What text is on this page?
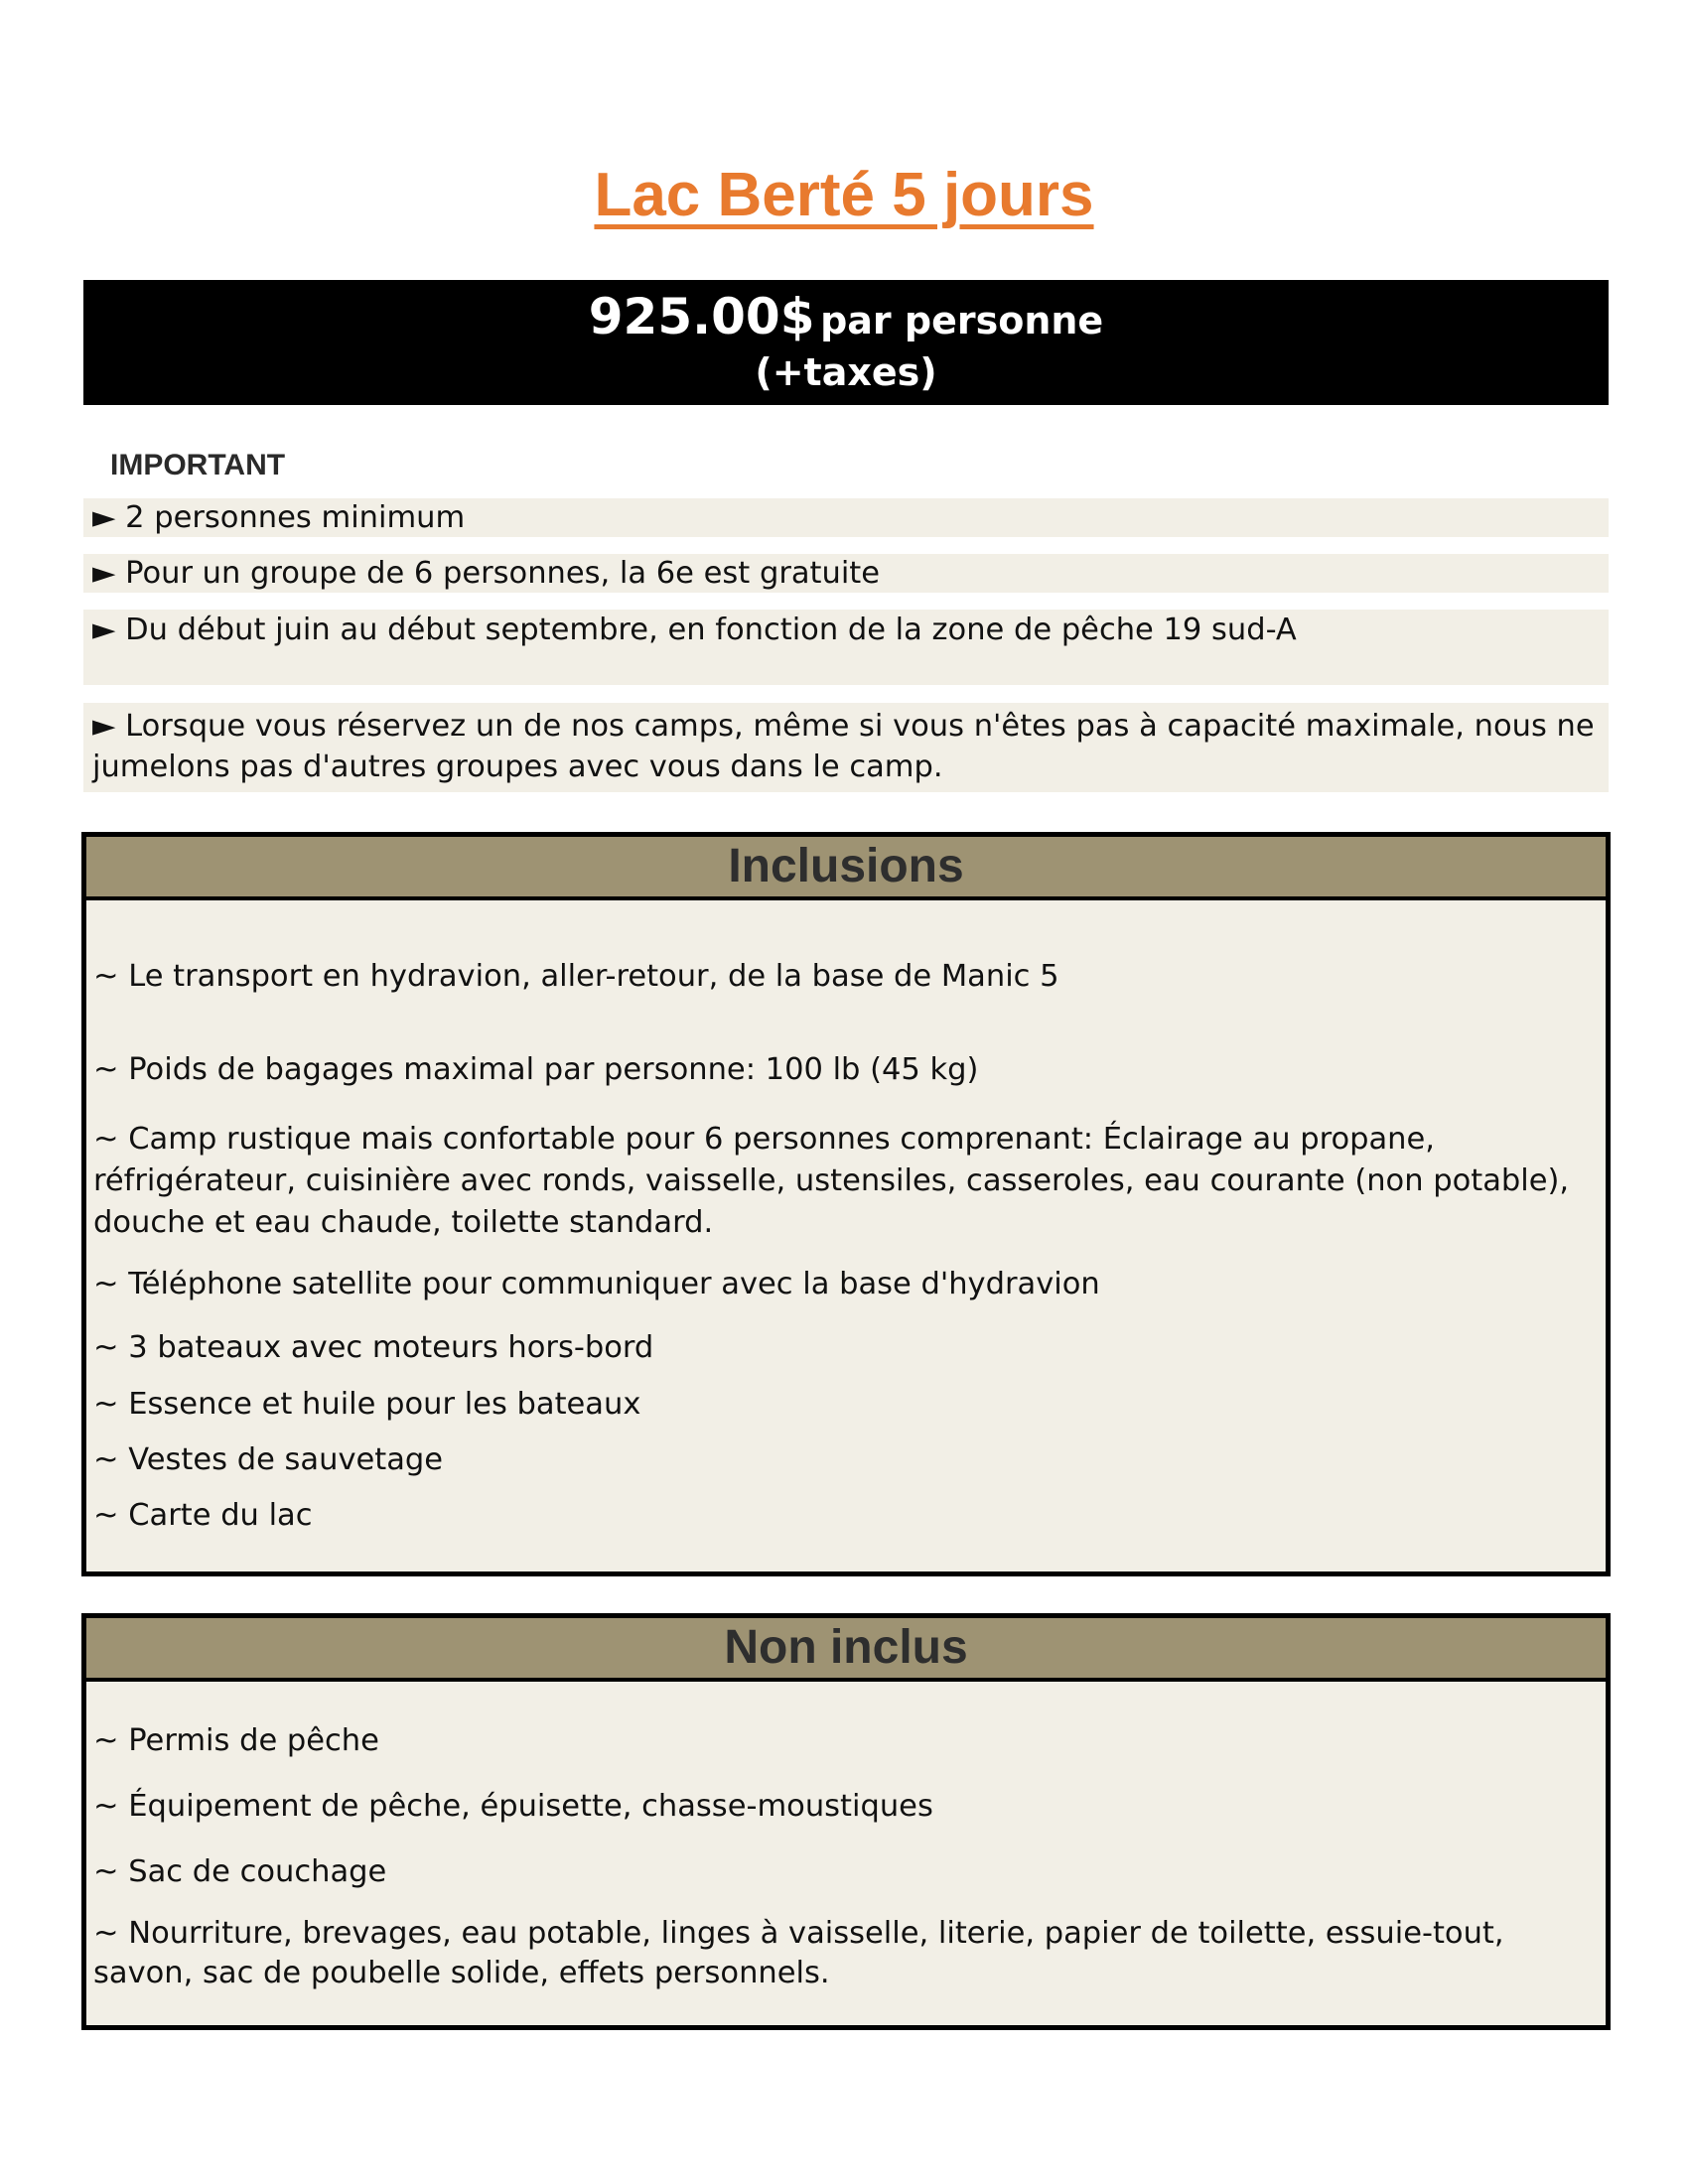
Lac Berté 5 jours
925.00$ par personne
(+taxes)
IMPORTANT
► 2 personnes minimum
► Pour un groupe de 6 personnes, la 6e est gratuite
► Du début juin au début septembre, en fonction de la zone de pêche 19 sud-A
► Lorsque vous réservez un de nos camps, même si vous n'êtes pas à capacité maximale, nous ne jumelons pas d'autres groupes avec vous dans le camp.
Inclusions
~ Le transport en hydravion, aller-retour, de la base de Manic 5
~ Poids de bagages maximal par personne: 100 lb (45 kg)
~ Camp rustique mais confortable pour 6 personnes comprenant: Éclairage au propane, réfrigérateur, cuisinière avec ronds, vaisselle, ustensiles, casseroles, eau courante (non potable), douche et eau chaude, toilette standard.
~ Téléphone satellite pour communiquer avec la base d'hydravion
~ 3 bateaux avec moteurs hors-bord
~ Essence et huile pour les bateaux
~ Vestes de sauvetage
~ Carte du lac
Non inclus
~ Permis de pêche
~ Équipement de pêche, épuisette, chasse-moustiques
~ Sac de couchage
~ Nourriture, brevages, eau potable, linges à vaisselle, literie, papier de toilette, essuie-tout, savon, sac de poubelle solide, effets personnels.
